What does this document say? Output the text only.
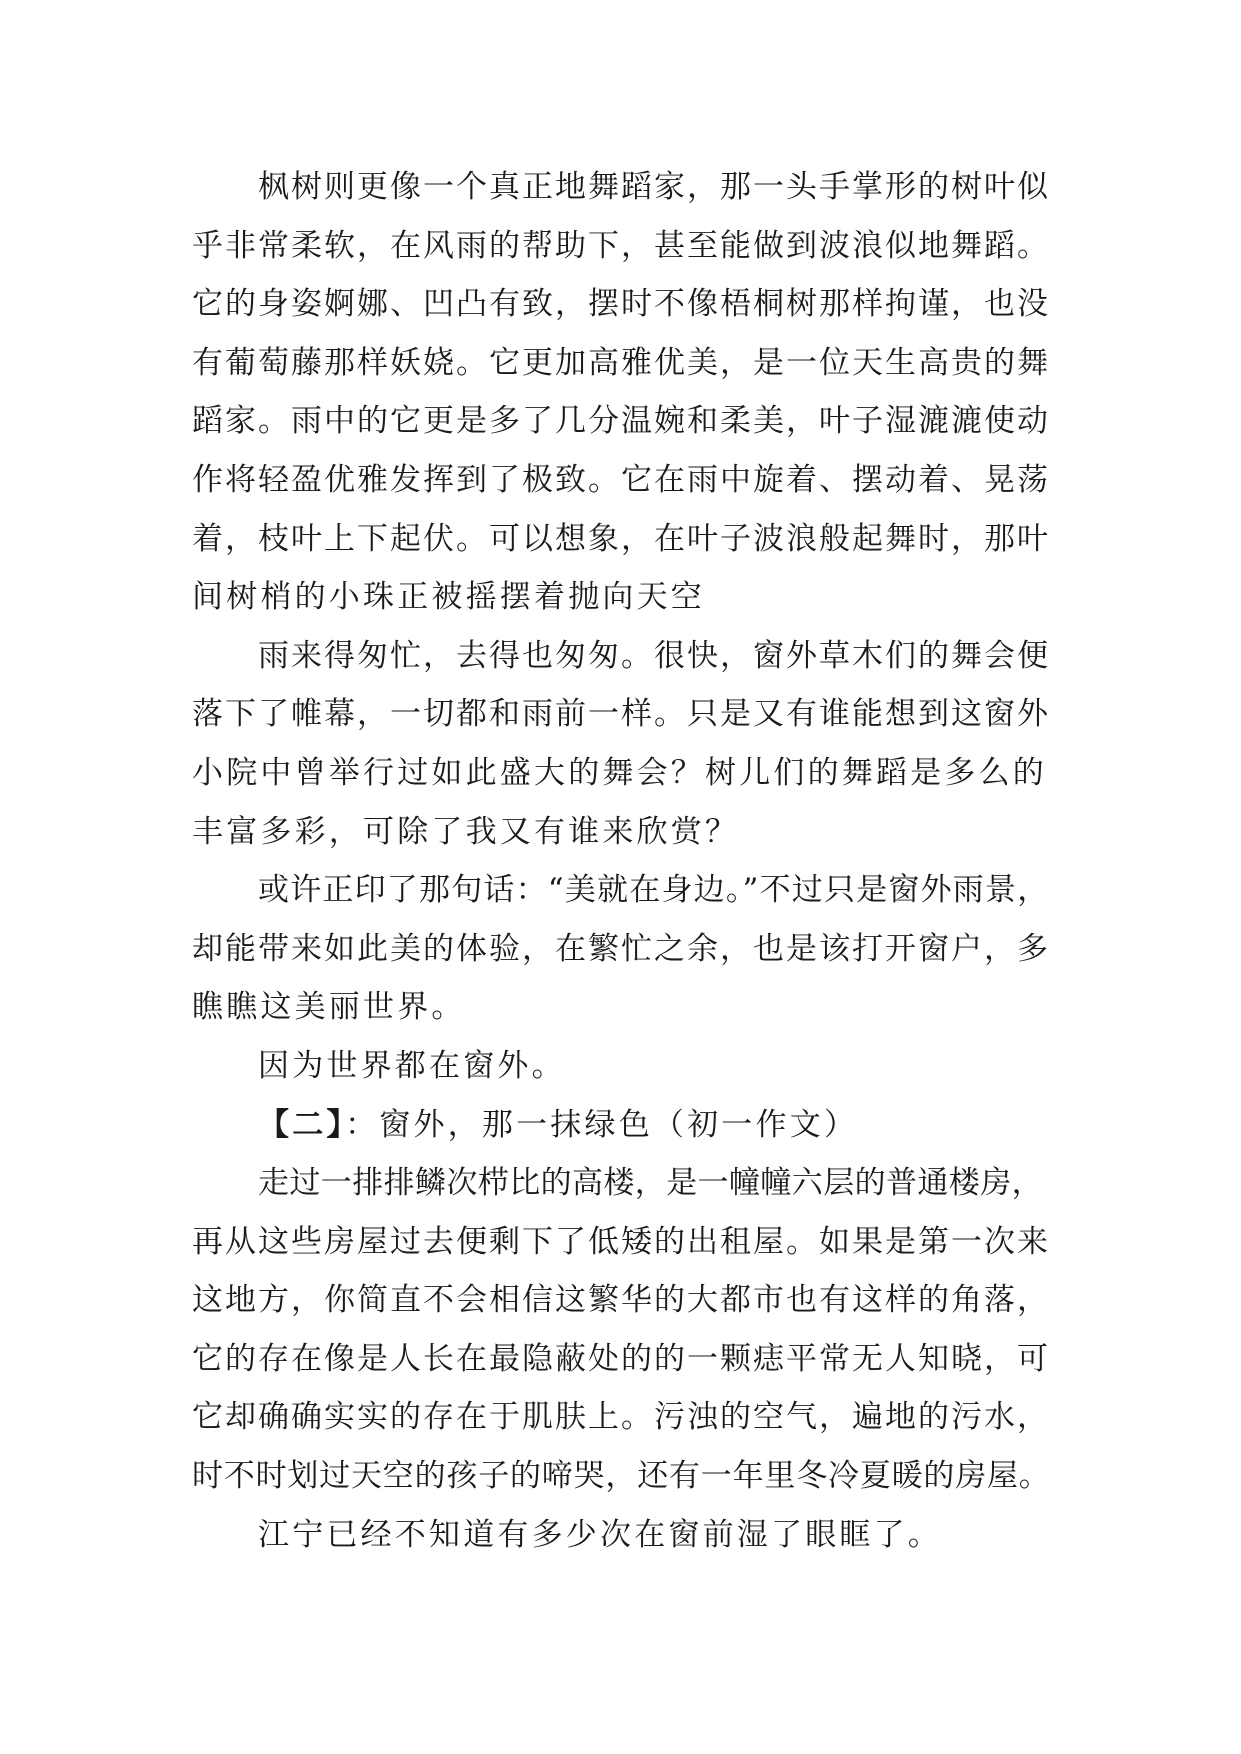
枫树则更像一个真正地舞蹈家，那一头手掌形的树叶似
乎非常柔软，在风雨的帮助下，甚至能做到波浪似地舞蹈。
它的身姿婀娜、凹凸有致，摆时不像梧桐树那样拘谨，也没
有葡萄藤那样妖娆。它更加高雅优美，是一位天生高贵的舞
蹈家。雨中的它更是多了几分温婉和柔美，叶子湿漉漉使动
作将轻盈优雅发挥到了极致。它在雨中旋着、摆动着、晃荡
着，枝叶上下起伏。可以想象，在叶子波浪般起舞时，那叶
间树梢的小珠正被摇摆着抛向天空
雨来得匆忙，去得也匆匆。很快，窗外草木们的舞会便
落下了帷幕，一切都和雨前一样。只是又有谁能想到这窗外
小院中曾举行过如此盛大的舞会？树儿们的舞蹈是多么的
丰富多彩，可除了我又有谁来欣赏？
或许正印了那句话：“美就在身边。”不过只是窗外雨景，
却能带来如此美的体验，在繁忙之余，也是该打开窗户，多
瞧瞧这美丽世界。
因为世界都在窗外。
【二】：窗外，那一抹绿色（初一作文）
走过一排排鳞次栉比的高楼，是一幢幢六层的普通楼房，
再从这些房屋过去便剩下了低矮的出租屋。如果是第一次来
这地方，你简直不会相信这繁华的大都市也有这样的角落，
它的存在像是人长在最隐蔽处的的一颗痣平常无人知晓，可
它却确确实实的存在于肌肤上。污浊的空气，遍地的污水，
时不时划过天空的孩子的啼哭，还有一年里冬冷夏暖的房屋。
江宁已经不知道有多少次在窗前湿了眼眶了。
